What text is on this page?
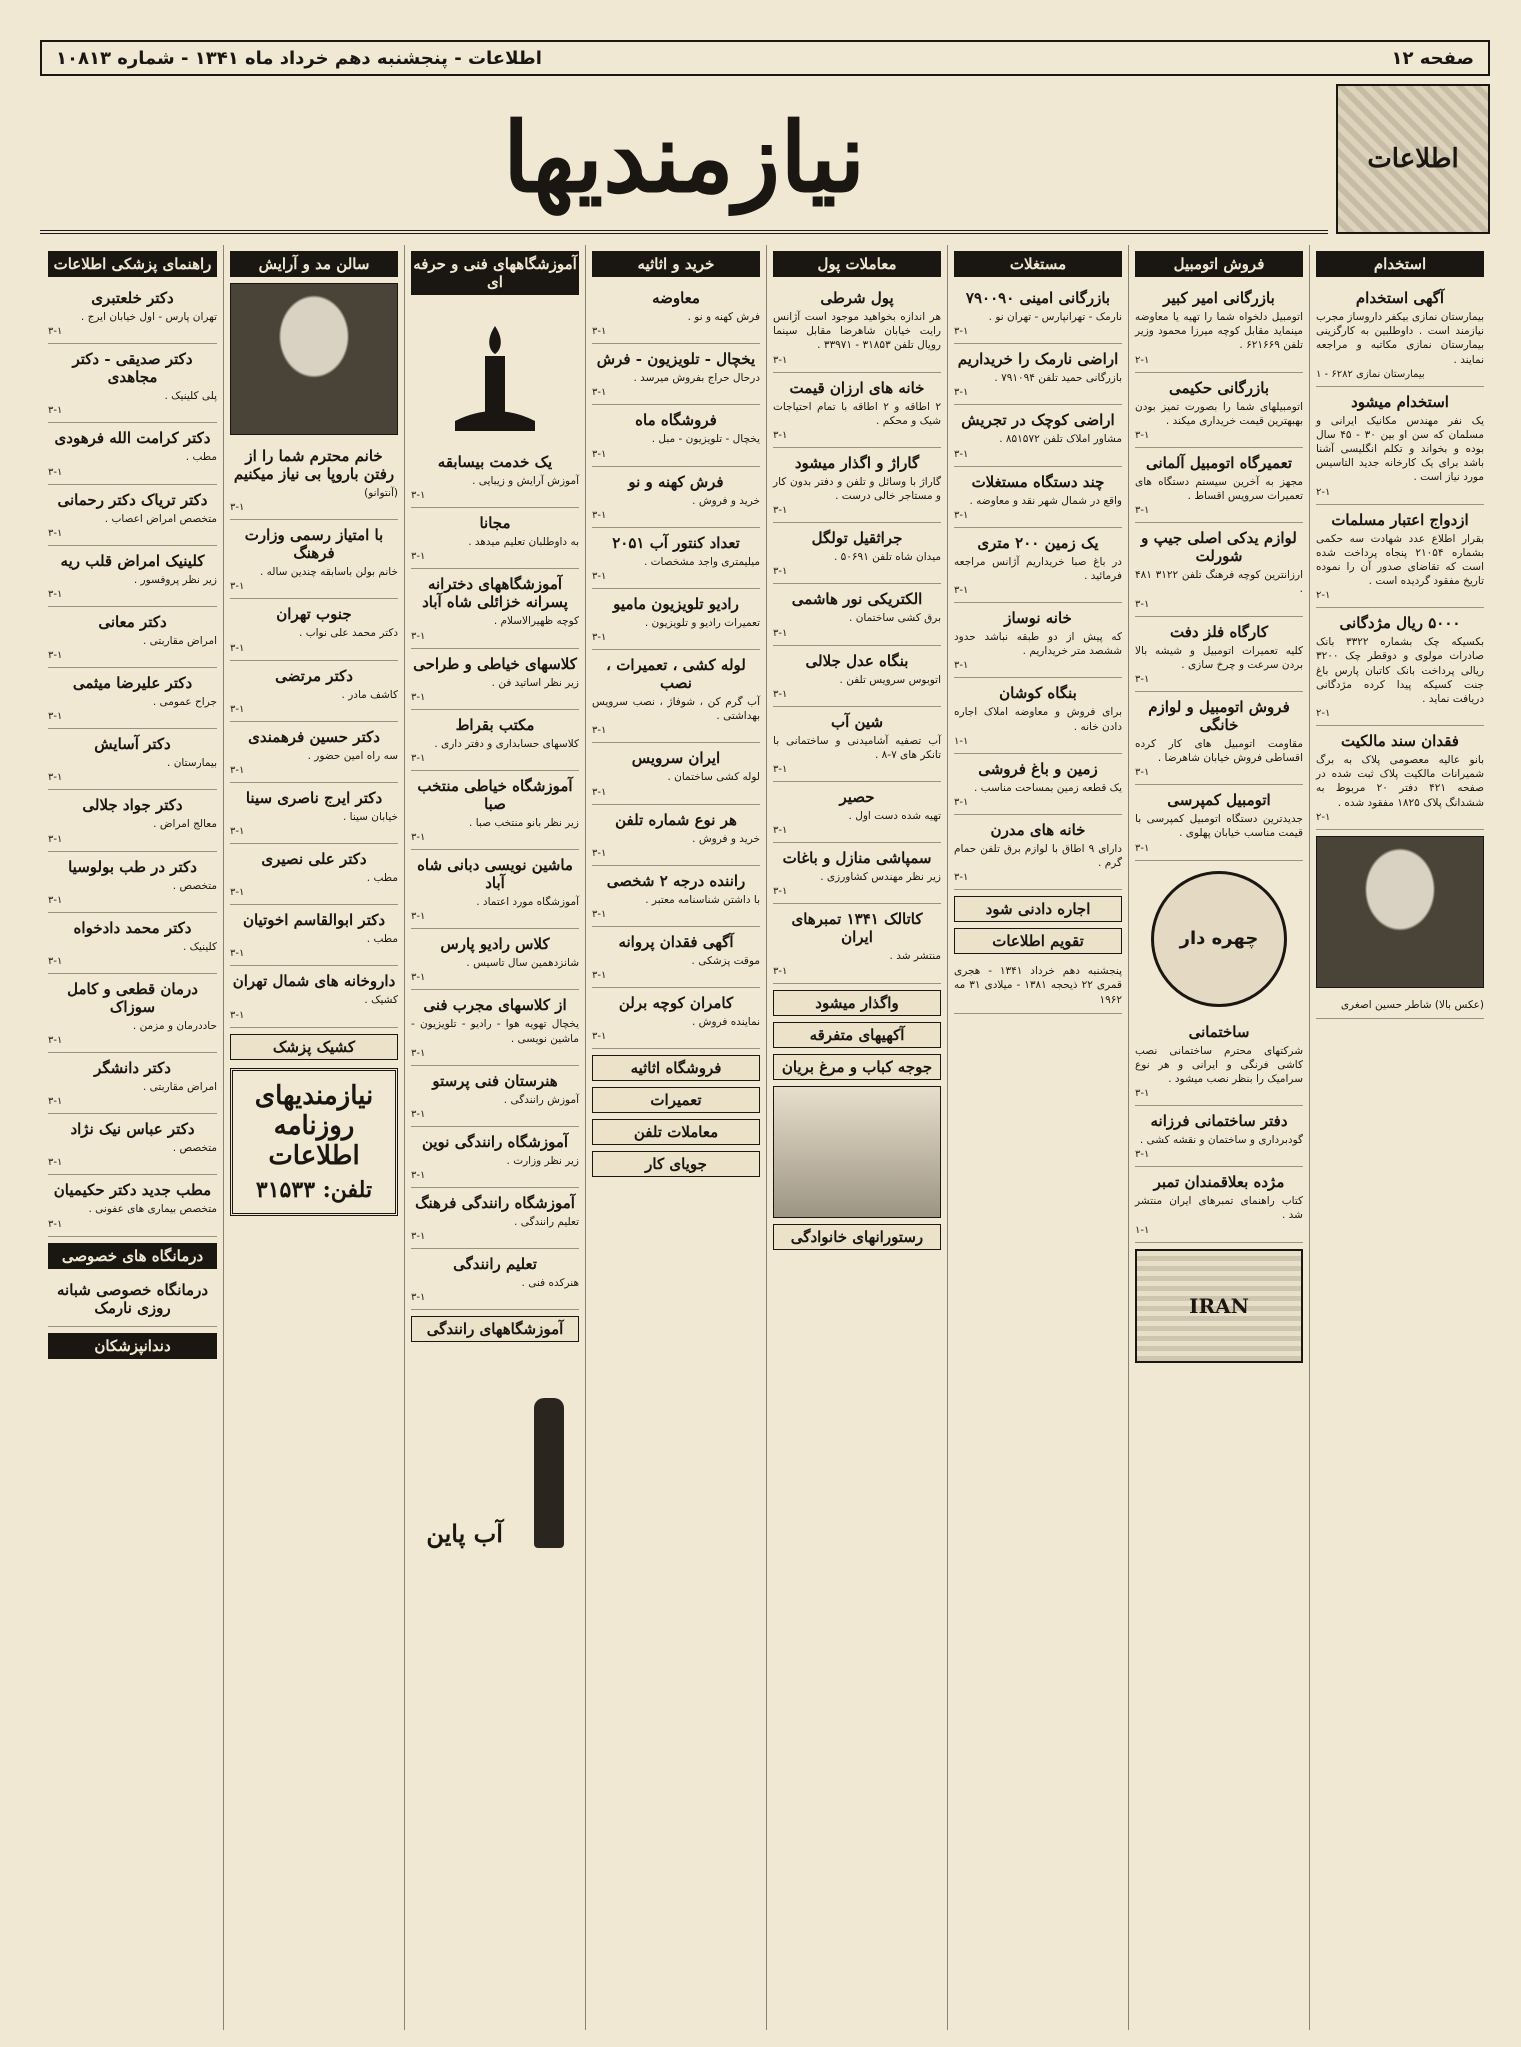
صفحه ۱۲
اطلاعات - پنجشنبه دهم خرداد ماه ۱۳۴۱ - شماره ۱۰۸۱۳
اطلاعات
نیازمندیها
استخدام
آگهی استخدام

بیمارستان نمازی بیکفر داروساز مجرب نیازمند است . داوطلبین به کارگزینی بیمارستان نمازی مکاتبه و مراجعه نمایند .

بیمارستان نمازی ۶۲۸۲ - ۱
استخدام میشود

یک نفر مهندس مکانیک ایرانی و مسلمان که سن او بین ۳۰ - ۴۵ سال بوده و بخواند و تکلم انگلیسی آشنا باشد برای یک کارخانه جدید التاسیس مورد نیاز است .

۲-۱
ازدواج اعتبار مسلمات

بقرار اطلاع عدد شهادت سه حکمی بشماره ۲۱۰۵۴ پنجاه پرداخت شده است که تقاضای صدور آن را نموده تاریخ مفقود گردیده است .

۲-۱
۵۰۰۰ ریال مژدگانی

بکسیکه چک بشماره ۳۳۲۲ بانک صادرات مولوی و دوقطر چک ۳۲۰۰ ریالی پرداخت بانک کاتبان پارس باغ جنت کسیکه پیدا کرده مژدگانی دریافت نماید .

۲-۱
فقدان سند مالکیت

بانو عالیه معصومی پلاک به برگ شمیرانات مالکیت پلاک ثبت شده در صفحه ۴۲۱ دفتر ۲۰ مربوط به ششدانگ پلاک ۱۸۲۵ مفقود شده .

۲-۱

(عکس بالا) شاطر حسین اصغری

فروش اتومبیل
بازرگانی امیر کبیر

اتومبیل دلخواه شما را تهیه یا معاوضه مینماید مقابل کوچه میرزا محمود وزیر تلفن ۶۲۱۶۶۹ .

۲-۱
بازرگانی حکیمی

اتومبیلهای شما را بصورت تمیز بودن بهبهترین قیمت خریداری میکند .

۳-۱
تعمیرگاه اتومبیل آلمانی

مجهز به آخرین سیستم دستگاه های تعمیرات سرویس اقساط .

۳-۱
لوازم یدکی اصلی جیپ و شورلت

ارزانترین کوچه فرهنگ تلفن ۳۱۲۲ ۴۸۱ .

۳-۱
کارگاه فلز دفت

کلیه تعمیرات اتومبیل و شیشه بالا بردن سرعت و چرخ سازی .

۳-۱
فروش اتومبیل و لوازم خانگی

مقاومت اتومبیل های کار کرده اقساطی فروش خیابان شاهرضا .

۳-۱
اتومبیل کمپرسی

جدیدترین دستگاه اتومبیل کمپرسی با قیمت مناسب خیابان پهلوی .

۳-۱
چهره دار
ساختمانی

شرکتهای محترم ساختمانی نصب کاشی فرنگی و ایرانی و هر نوع سرامیک را بنظر نصب میشود .

۳-۱
دفتر ساختمانی فرزانه

گودبرداری و ساختمان و نقشه کشی .

۳-۱
مژده بعلاقمندان تمبر

کتاب راهنمای تمبرهای ایران منتشر شد .

۱-۱
IRAN
مستغلات
بازرگانی امینی ۷۹۰۰۹۰

نارمک - تهرانپارس - تهران نو .

۳-۱
اراضی نارمک را خریداریم

بازرگانی حمید تلفن ۷۹۱۰۹۴ .

۳-۱
اراضی کوچک در تجریش

مشاور املاک تلفن ۸۵۱۵۷۲ .

۳-۱
چند دستگاه مستغلات

واقع در شمال شهر نقد و معاوضه .

۳-۱
یک زمین ۲۰۰ متری

در باغ صبا خریداریم آژانس مراجعه فرمائید .

۳-۱
خانه نوساز

که پیش از دو طبقه نباشد حدود ششصد متر خریداریم .

۳-۱
بنگاه کوشان

برای فروش و معاوضه املاک اجاره دادن خانه .

۱-۱
زمین و باغ فروشی

یک قطعه زمین بمساحت مناسب .

۳-۱
خانه های مدرن

دارای ۹ اطاق با لوازم برق تلفن حمام گرم .

۳-۱
اجاره دادنی شود
تقویم اطلاعات

پنجشنبه دهم خرداد ۱۳۴۱ - هجری قمری ۲۲ ذیحجه ۱۳۸۱ - میلادی ۳۱ مه ۱۹۶۲

معاملات پول
پول شرطی

هر اندازه بخواهید موجود است آژانس رایت خیابان شاهرضا مقابل سینما رویال تلفن ۳۱۸۵۳ - ۳۳۹۷۱ .

۳-۱
خانه های ارزان قیمت

۲ اطاقه و ۲ اطاقه با تمام احتیاجات شیک و محکم .

۳-۱
گاراژ و اگذار میشود

گاراژ با وسائل و تلفن و دفتر بدون کار و مستاجر خالی درست .

۳-۱
جراثقیل تولگل

میدان شاه تلفن ۵۰۶۹۱ .

۳-۱
الکتریکی نور هاشمی

برق کشی ساختمان .

۳-۱
بنگاه عدل جلالی

اتوبوس سرویس تلفن .

۳-۱
شین آب

آب تصفیه آشامیدنی و ساختمانی با تانکر های ۷-۸ .

۳-۱
حصیر

تهیه شده دست اول .

۳-۱
سمپاشی منازل و باغات

زیر نظر مهندس کشاورزی .

۳-۱
کاتالک ۱۳۴۱ تمبرهای ایران

منتشر شد .

۳-۱
واگذار میشود
آکهیهای متفرقه
جوجه کباب و مرغ بریان
رستورانهای خانوادگی
خرید و اثاثیه
معاوضه

فرش کهنه و نو .

۳-۱
یخچال - تلویزیون - فرش

درحال حراج بفروش میرسد .

۳-۱
فروشگاه ماه

یخچال - تلویزیون - مبل .

۳-۱
فرش کهنه و نو

خرید و فروش .

۳-۱
تعداد کنتور آب ۲۰۵۱

میلیمتری واجد مشخصات .

۳-۱
رادیو تلویزیون مامیو

تعمیرات رادیو و تلویزیون .

۳-۱
لوله کشی ، تعمیرات ، نصب

آب گرم کن ، شوفاژ ، نصب سرویس بهداشتی .

۳-۱
ایران سرویس

لوله کشی ساختمان .

۳-۱
هر نوع شماره تلفن

خرید و فروش .

۳-۱
راننده درجه ۲ شخصی

با داشتن شناسنامه معتبر .

۳-۱
آگهی فقدان پروانه

موقت پزشکی .

۳-۱
کامران کوچه برلن

نماینده فروش .

۳-۱
فروشگاه اثاثیه
تعمیرات
معاملات تلفن
جویای کار
آموزشگاههای فنی و حرفه ای
یک خدمت بیسابقه

آموزش آرایش و زیبایی .

۳-۱
مجانا

به داوطلبان تعلیم میدهد .

۳-۱
آموزشگاههای دخترانه پسرانه خزائلی شاه آباد

کوچه ظهیرالاسلام .

۳-۱
کلاسهای خیاطی و طراحی

زیر نظر اساتید فن .

۳-۱
مکتب بقراط

کلاسهای حسابداری و دفتر داری .

۳-۱
آموزشگاه خیاطی منتخب صبا

زیر نظر بانو منتخب صبا .

۳-۱
ماشین نویسی دبانی شاه آباد

آموزشگاه مورد اعتماد .

۳-۱
کلاس رادیو پارس

شانزدهمین سال تاسیس .

۳-۱
از کلاسهای مجرب فنی

یخچال تهویه هوا - رادیو - تلویزیون - ماشین نویسی .

۳-۱
هنرستان فنی پرستو

آموزش رانندگی .

۳-۱
آموزشگاه رانندگی نوین

زیر نظر وزارت .

۳-۱
آموزشگاه رانندگی فرهنگ

تعلیم رانندگی .

۳-۱
تعلیم رانندگی

هنرکده فنی .

۳-۱
آموزشگاههای رانندگی
آب پاین
سالن مد و آرایش
خانم محترم شما را از رفتن باروپا بی نیاز میکنیم

(آنتوانو)

۳-۱
با امتیاز رسمی وزارت فرهنگ

خانم بولن باسابقه چندین ساله .

۳-۱
جنوب تهران

دکتر محمد علی نواب .

۳-۱
دکتر مرتضی

کاشف مادر .

۳-۱
دکتر حسین فرهمندی

سه راه امین حضور .

۳-۱
دکتر ایرج ناصری سینا

خیابان سینا .

۳-۱
دکتر علی نصیری

مطب .

۳-۱
دکتر ابوالقاسم اخوتیان

مطب .

۳-۱
داروخانه های شمال تهران

کشیک .

۳-۱
کشیک پزشک
نیازمندیهای روزنامه اطلاعات
تلفن: ۳۱۵۳۳
راهنمای پزشکی اطلاعات
دکتر خلعتبری

تهران پارس - اول خیابان ایرج .

۳-۱
دکتر صدیقی - دکتر مجاهدی

پلی کلینیک .

۳-۱
دکتر کرامت الله فرهودی

مطب .

۳-۱
دکتر تریاک دکتر رحمانی

متخصص امراض اعصاب .

۳-۱
کلینیک امراض قلب ریه

زیر نظر پروفسور .

۳-۱
دکتر معانی

امراض مقاربتی .

۳-۱
دکتر علیرضا میثمی

جراح عمومی .

۳-۱
دکتر آسایش

بیمارستان .

۳-۱
دکتر جواد جلالی

معالج امراض .

۳-۱
دکتر در طب بولوسیا

متخصص .

۳-۱
دکتر محمد دادخواه

کلینیک .

۳-۱
درمان قطعی و کامل سوزاک

حاددرمان و مزمن .

۳-۱
دکتر دانشگر

امراض مقاربتی .

۳-۱
دکتر عباس نیک نژاد

متخصص .

۳-۱
مطب جدید دکتر حکیمیان

متخصص بیماری های عفونی .

۳-۱
درمانگاه های خصوصی
درمانگاه خصوصی شبانه روزی نارمک
دندانپزشکان
